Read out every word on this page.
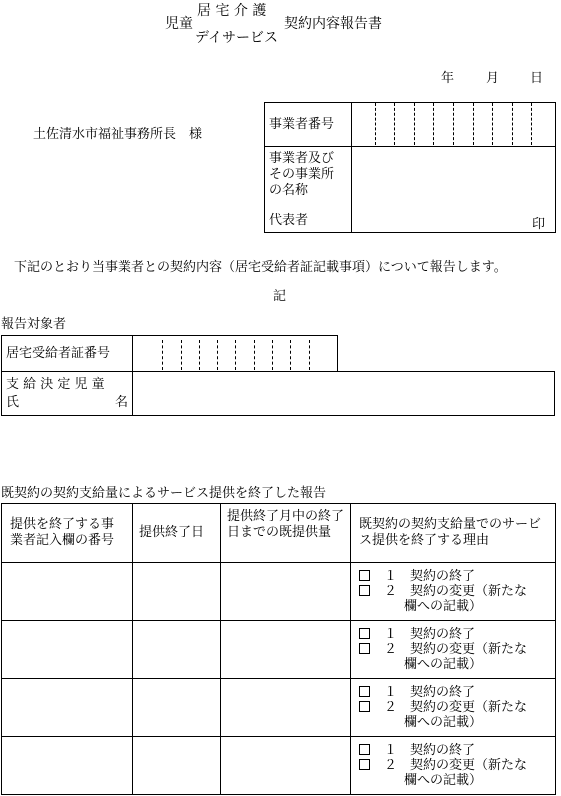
居 宅 介 護
児童	契約内容報告書
デイサービス
年 月 日
土佐清水市福祉事務所長　様
事業者番号	

事業者及び
その事業所
の名称
代表者	印
下記のとおり当事業者との契約内容（居宅受給者証記載事項）について報告します。
記
報告対象者
居宅受給者証番号

支 給 決 定 児 童
氏	名

既契約の契約支給量によるサービス提供を終了した報告
提供を終了する事業者記入欄の番号	提供終了日	提供終了月中の終了日までの既提供量	既契約の契約支給量でのサービス提供を終了する理由

			１　契約の終了
２　契約の変更（新たな
欄への記載）

			１　契約の終了
２　契約の変更（新たな
欄への記載）

			１　契約の終了
２　契約の変更（新たな
欄への記載）

			１　契約の終了
２　契約の変更（新たな
欄への記載）
